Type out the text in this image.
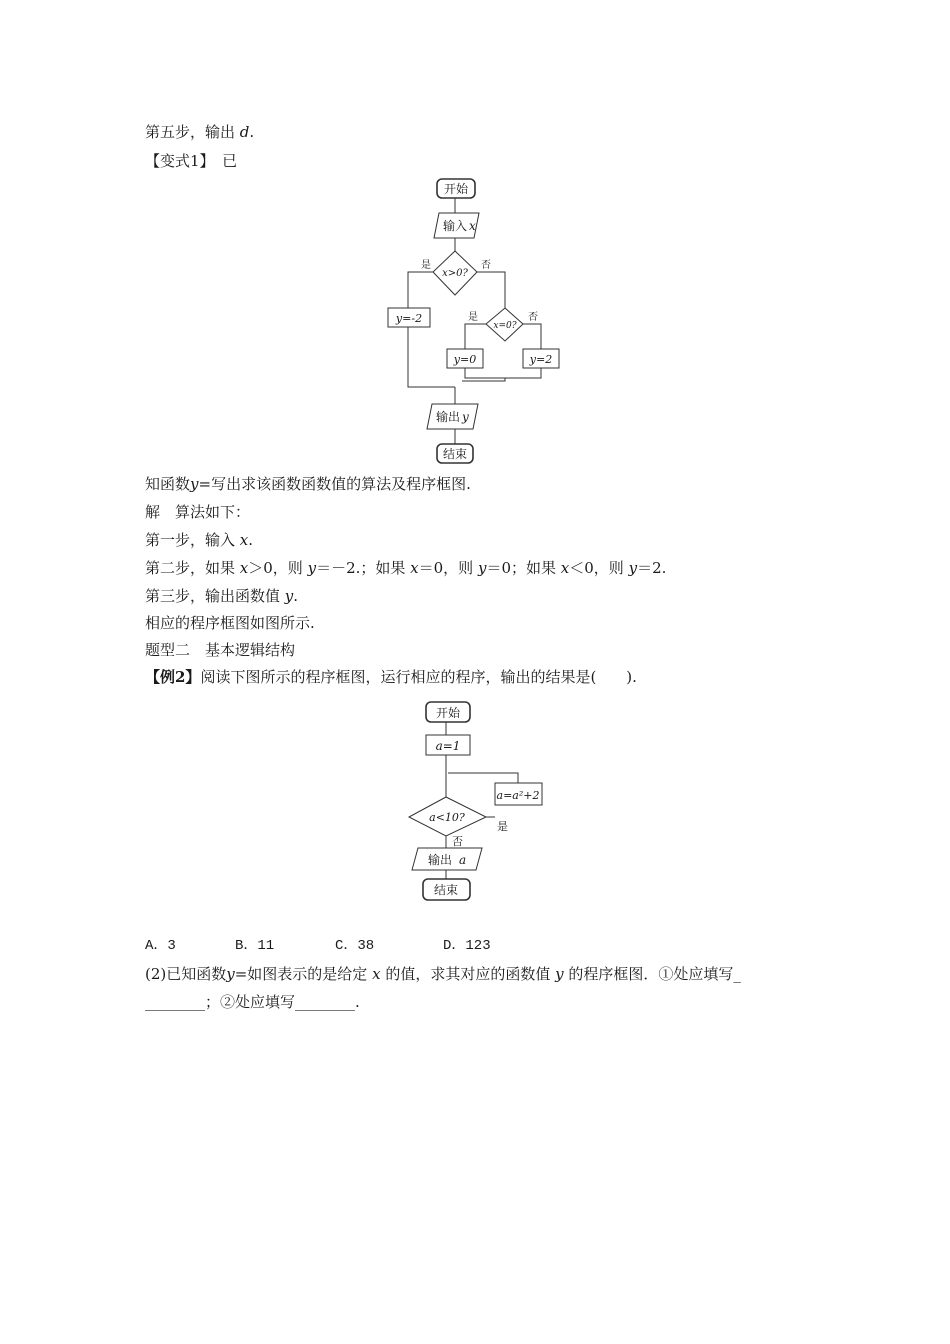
第五步，输出 d.
【变式1】　 已
开始
输入 x
x>0?
是	否
y=-2
x=0?
是	否
y=0	y=2
输出 y
结束
知函数y=写出求该函数函数值的算法及程序框图.
解　算法如下：
第一步，输入 x.
第二步，如果 x＞0，则 y＝－2.；如果 x＝0，则 y＝0；如果 x＜0，则 y＝2.
第三步，输出函数值 y.
相应的程序框图如图所示.
题型二　基本逻辑结构
【例2】阅读下图所示的程序框图，运行相应的程序，输出的结果是(　　).
开始
a=1
a=a²+2
a<10?
是
否
输出 a
结束
A．3	B．11	C．38	D．123
(2)已知函数y=如图表示的是给定 x 的值，求其对应的函数值 y 的程序框图．①处应填写_
________；②处应填写________.
